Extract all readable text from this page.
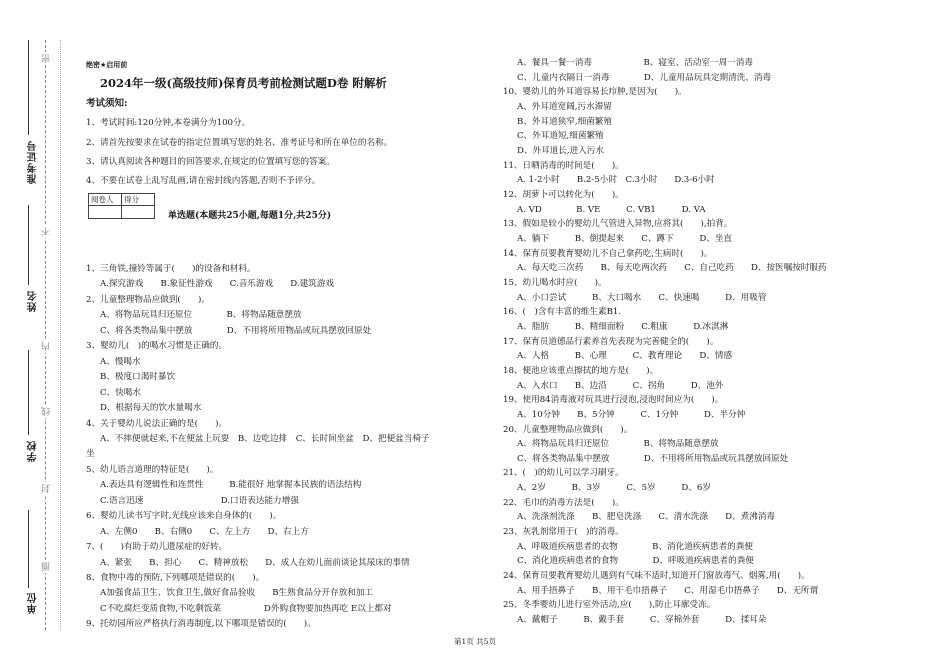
密
准考证号
不
姓名
内
线
学校
封
圈
单位
绝密★启用前
2024年一级(高级技师)保育员考前检测试题D卷 附解析
考试须知:
1、考试时间:120分钟,本卷满分为100分。
2、请首先按要求在试卷的指定位置填写您的姓名、准考证号和所在单位的名称。
3、请认真阅读各种题目的回答要求,在规定的位置填写您的答案。
4、不要在试卷上乱写乱画,请在密封线内答题,否则不予评分。
阅卷人	得分

单选题(本题共25小题,每题1分,共25分)
1、三角铁,撞铃等属于(　　)的设备和材料。
A.探究游戏　　B.象征性游戏　　C.音乐游戏　　D.建筑游戏
2、儿童整理物品应做到(　　)。
A、将物品玩具归还原位　　　　B、将物品随意摆放
C、将各类物品集中摆放　　　　D、不用将所用物品或玩具摆放回原处
3、婴幼儿(　)的喝水习惯是正确的。
A、慢喝水
B、极度口渴时暴饮
C、快喝水
D、根据每天的饮水量喝水
4、关于婴幼儿说法正确的是(　　)。
A、不摔便就起来,不在便盆上玩耍　B、边吃边排　C、长时间坐盆　D、把便盆当椅子
坐
5、幼儿语言道理的特征是(　　)。
A.表达具有逻辑性和连贯性　　　B.能很好 地掌握本民族的语法结构
C.语言迅速　　　　　　　　　D.口语表达能力增强
6、婴幼儿读书写字时,光线应该来自身体的(　　)。
A、左侧0　　B、右侧0　　C、左上方　　D、右上方
7、(　　)有助于幼儿遗尿症的好转。
A、紧张　　B、担心　　C、精神放松　　D、成人在幼儿面前谈论其尿床的事情
8、食物中毒的预防,下列哪项是错误的(　　)。
A加强食品卫生、饮食卫生,做好食品验收　　B生熟食品分开存放和加工
C不吃腐烂变质食物,不吃剩饭菜　　　　　D外购食物要加热再吃 E以上都对
9、托幼园所应严格执行消毒制度,以下哪项是错误的(　　)。
A、餐具一餐一消毒　　　　　　B、寝室、活动室一周一消毒
C、儿童内衣隔日一消毒　　　　D、儿童用品玩具定期清洗、消毒
10、婴幼儿的外耳道容易长疖肿,是因为(　　)。
A、外耳道宽阔,污水滞留
B、外耳道狭窄,细菌繁殖
C、外耳道短,细菌繁殖
D、外耳道长,进入污水
11、日晒消毒的时间是(　　)。
A. 1-2小时　　B.2-5小时　C.3小时　　D.3-6小时
12、胡萝卜可以转化为(　　)。
A. VD　　　　B. VE　　　C. VB1　　　D. VA
13、假如是较小的婴幼儿气管进入异物,应将其(　　),拍背。
A、躺下　　　B、倒提起来　　C、蹲下　　　D、坐直
14、保育员要教育婴幼儿不自己拿药吃,生病时(　　)。
A、每天吃三次药　　B、每天吃两次药　　C、自己吃药　　D、按医嘱按时服药
15、幼儿喝水时应(　　)。
A、小口尝试　　　B、大口喝水　　C、快速喝　　　D、用吸管
16、(　)含有丰富的维生素B1.
A、脂肪　　　B、精细面粉　　C.粗康　　　D.冰淇淋
17、保育员道德品行素养首先表现为完善健全的(　　)。
A、人格　　　B、心理　　　C、教育理论　　D、情感
18、便池应该重点擦拭的地方是(　　)。
A、入水口　　B、边沿　　　C、拐角　　　D、池外
19、使用84消毒液对玩具进行浸泡,浸泡时间应为(　　)。
A、10分钟　　B、5分钟　　　C、1分钟　　　D、半分钟
20、儿童整理物品应做到(　　)。
A、将物品玩具归还原位　　　　B、将物品随意摆放
C、将各类物品集中摆放　　　　D、不用将所用物品或玩具摆放回原处
21、(　)的幼儿可以学习刷牙。
A、2岁　　　B、3岁　　　C、5岁　　　D、6岁
22、毛巾的消毒方法是(　　)。
A、洗涤剂洗涤　　B、肥皂洗涤　　C、清水洗涤　　D、煮沸消毒
23、灰乳剂常用于(　)的消毒。
A、呼吸道疾病患者的衣物　　　　B、消化道疾病患者的粪便
C、消化道疾病患者的食物　　　　D、呼吸道疾病患者的粪便
24、保育员要教育婴幼儿遇到有气味不适时,知道开门窗放毒气、烟雾,用(　　)。
A、用手捂鼻子　　B、用干毛巾捂鼻子　　C、用湿毛巾捂鼻子　　D、无所谓
25、冬季婴幼儿进行室外活动,应(　　),防止耳廓受冻。
A、戴帽子　　　B、戴手套　　　C、穿棉外套　　　D、揉耳朵
第1页 共5页
